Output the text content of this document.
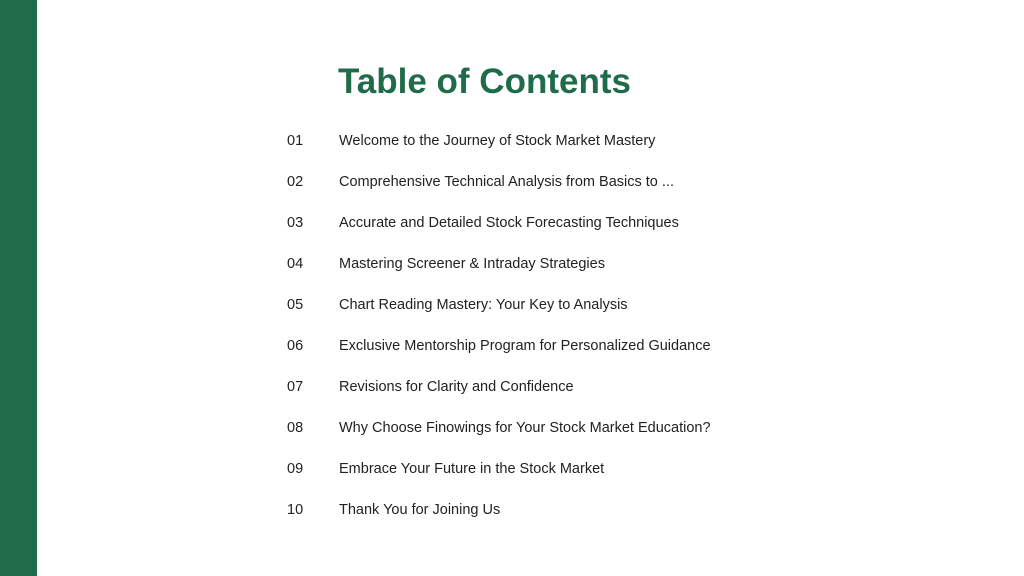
Table of Contents
01	Welcome to the Journey of Stock Market Mastery
02	Comprehensive Technical Analysis from Basics to ...
03	Accurate and Detailed Stock Forecasting Techniques
04	Mastering Screener & Intraday Strategies
05	Chart Reading Mastery: Your Key to Analysis
06	Exclusive Mentorship Program for Personalized Guidance
07	Revisions for Clarity and Confidence
08	Why Choose Finowings for Your Stock Market Education?
09	Embrace Your Future in the Stock Market
10	Thank You for Joining Us
